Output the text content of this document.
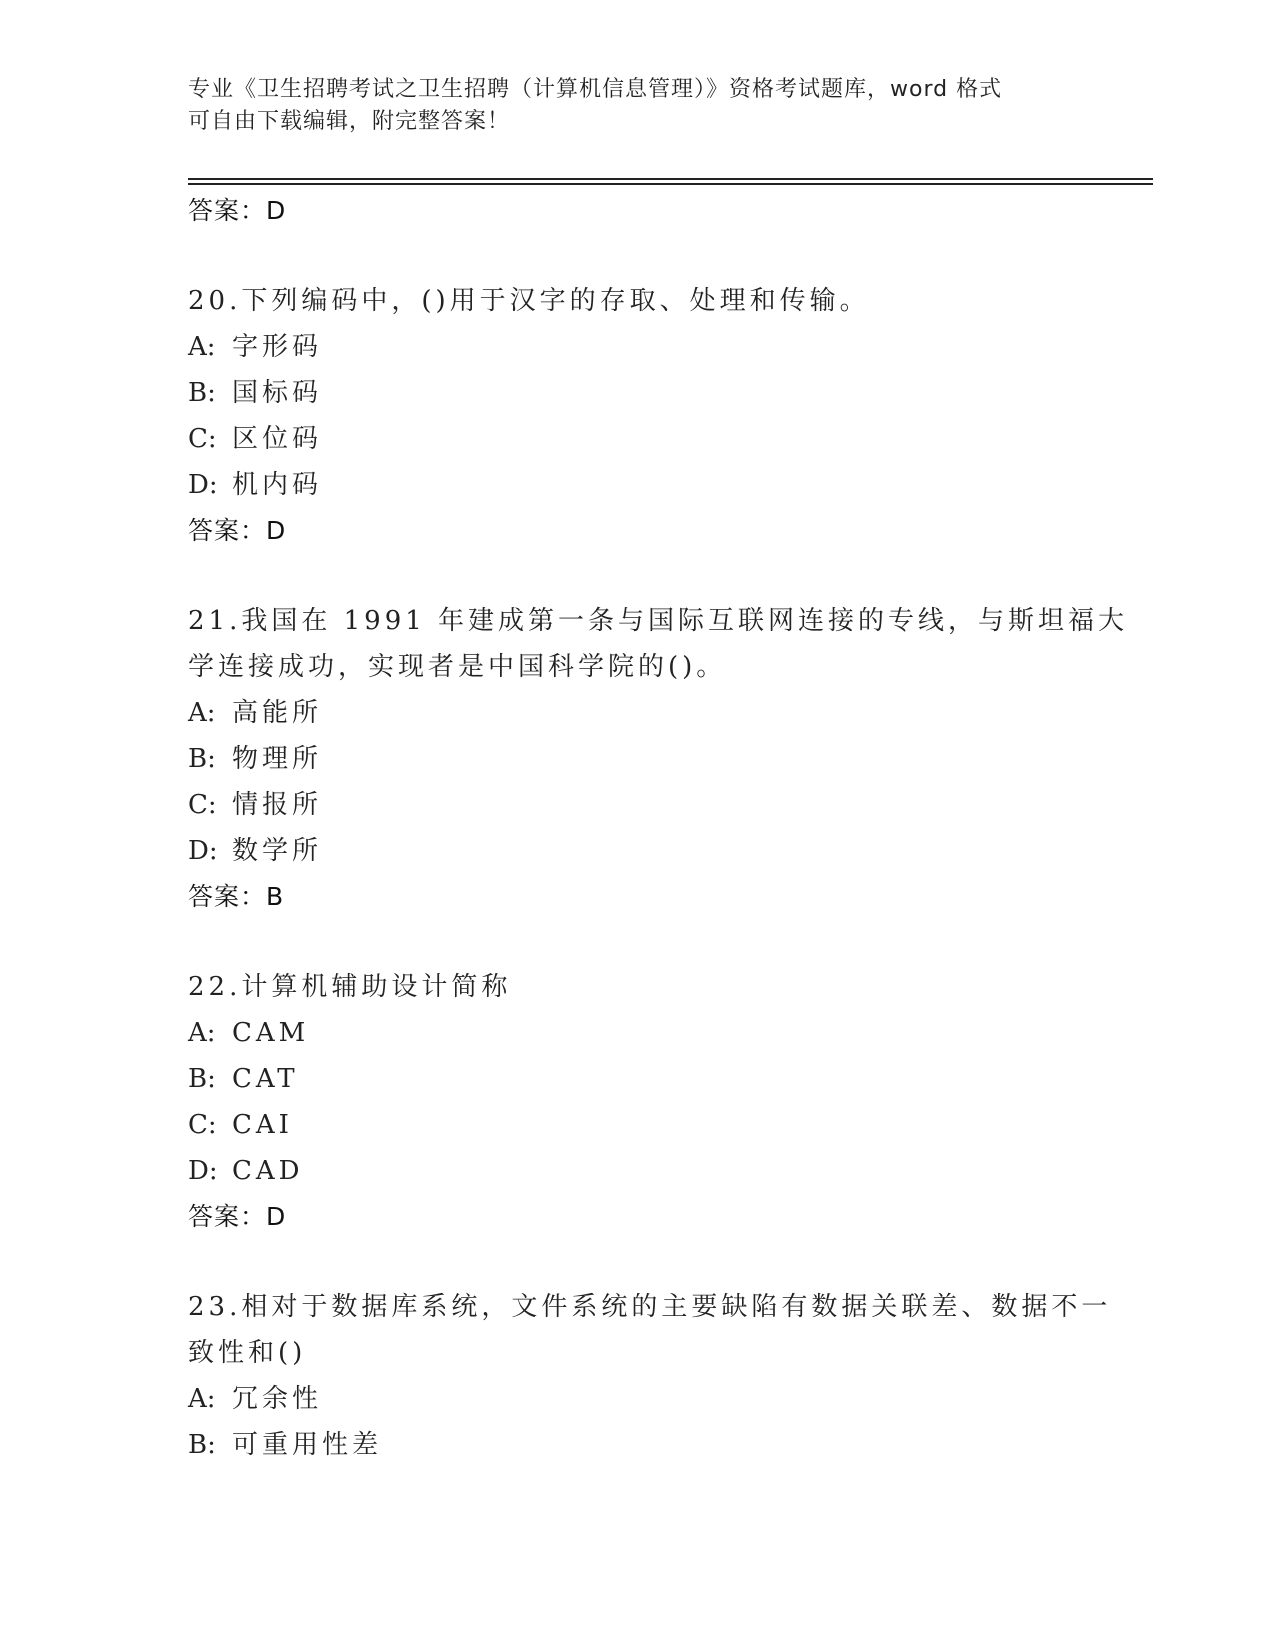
专业《卫生招聘考试之卫生招聘（计算机信息管理）》资格考试题库，word 格式
可自由下载编辑，附完整答案！
答案：D
20.下列编码中，()用于汉字的存取、处理和传输。
A: 字形码
B: 国标码
C: 区位码
D: 机内码
答案：D
21.我国在 1991 年建成第一条与国际互联网连接的专线，与斯坦福大
学连接成功，实现者是中国科学院的()。
A: 高能所
B: 物理所
C: 情报所
D: 数学所
答案：B
22.计算机辅助设计简称
A: CAM
B: CAT
C: CAI
D: CAD
答案：D
23.相对于数据库系统，文件系统的主要缺陷有数据关联差、数据不一
致性和()
A: 冗余性
B: 可重用性差
